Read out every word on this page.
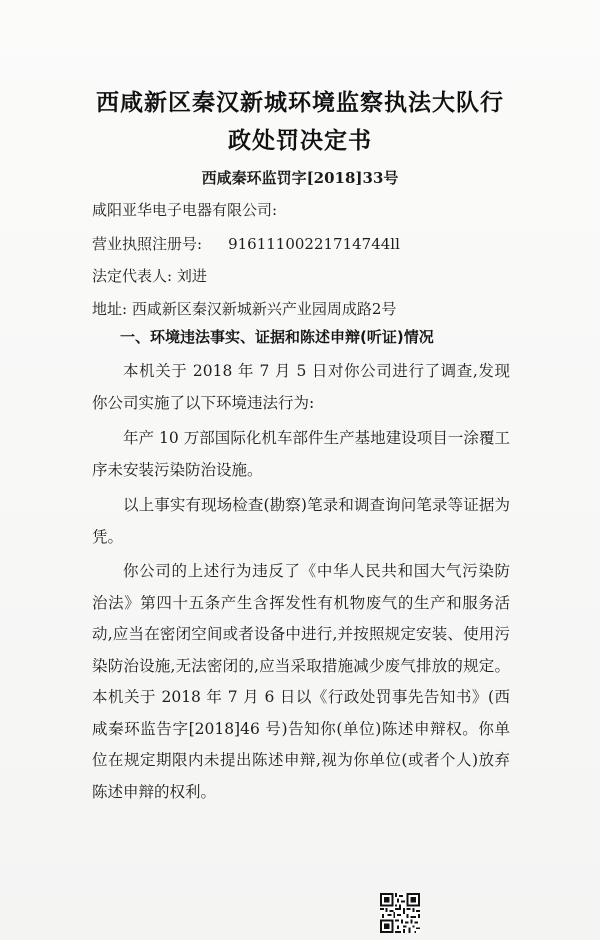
西咸新区秦汉新城环境监察执法大队行
政处罚决定书
西咸秦环监罚字[2018]33号
咸阳亚华电子电器有限公司:
营业执照注册号: 91611100221714744ll
法定代表人: 刘进
地址: 西咸新区秦汉新城新兴产业园周成路2号
一、环境违法事实、证据和陈述申辩(听证)情况
本机关于 2018 年 7 月 5 日对你公司进行了调查,发现你公司实施了以下环境违法行为:
年产 10 万部国际化机车部件生产基地建设项目一涂覆工序未安装污染防治设施。
以上事实有现场检查(勘察)笔录和调查询问笔录等证据为凭。
你公司的上述行为违反了《中华人民共和国大气污染防治法》第四十五条产生含挥发性有机物废气的生产和服务活动,应当在密闭空间或者设备中进行,并按照规定安装、使用污染防治设施,无法密闭的,应当采取措施减少废气排放的规定。本机关于 2018 年 7 月 6 日以《行政处罚事先告知书》(西咸秦环监告字[2018]46 号)告知你(单位)陈述申辩权。你单位在规定期限内未提出陈述申辩,视为你单位(或者个人)放弃陈述申辩的权利。
